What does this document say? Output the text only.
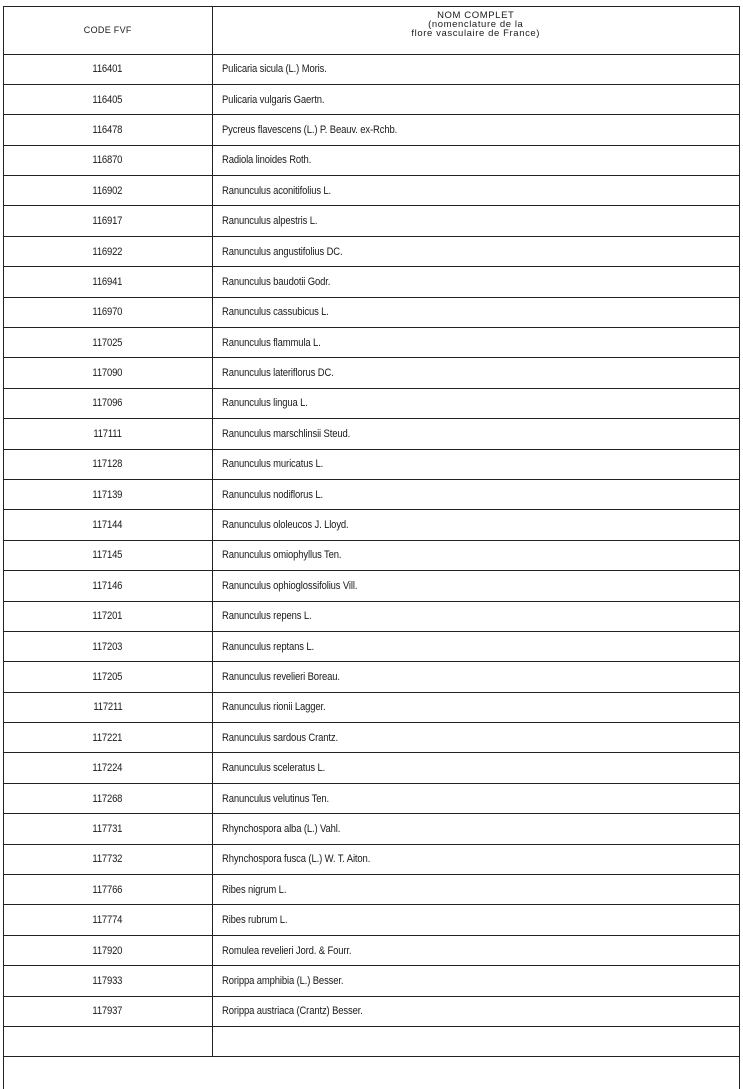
CODE FVF	NOM COMPLET
(nomenclature de la
flore vasculaire de France)

116401	Pulicaria sicula (L.) Moris.
116405	Pulicaria vulgaris Gaertn.
116478	Pycreus flavescens (L.) P. Beauv. ex-Rchb.
116870	Radiola linoides Roth.
116902	Ranunculus aconitifolius L.
116917	Ranunculus alpestris L.
116922	Ranunculus angustifolius DC.
116941	Ranunculus baudotii Godr.
116970	Ranunculus cassubicus L.
117025	Ranunculus flammula L.
117090	Ranunculus lateriflorus DC.
117096	Ranunculus lingua L.
117111	Ranunculus marschlinsii Steud.
117128	Ranunculus muricatus L.
117139	Ranunculus nodiflorus L.
117144	Ranunculus ololeucos J. Lloyd.
117145	Ranunculus omiophyllus Ten.
117146	Ranunculus ophioglossifolius Vill.
117201	Ranunculus repens L.
117203	Ranunculus reptans L.
117205	Ranunculus revelieri Boreau.
117211	Ranunculus rionii Lagger.
117221	Ranunculus sardous Crantz.
117224	Ranunculus sceleratus L.
117268	Ranunculus velutinus Ten.
117731	Rhynchospora alba (L.) Vahl.
117732	Rhynchospora fusca (L.) W. T. Aiton.
117766	Ribes nigrum L.
117774	Ribes rubrum L.
117920	Romulea revelieri Jord. & Fourr.
117933	Rorippa amphibia (L.) Besser.
117937	Rorippa austriaca (Crantz) Besser.
